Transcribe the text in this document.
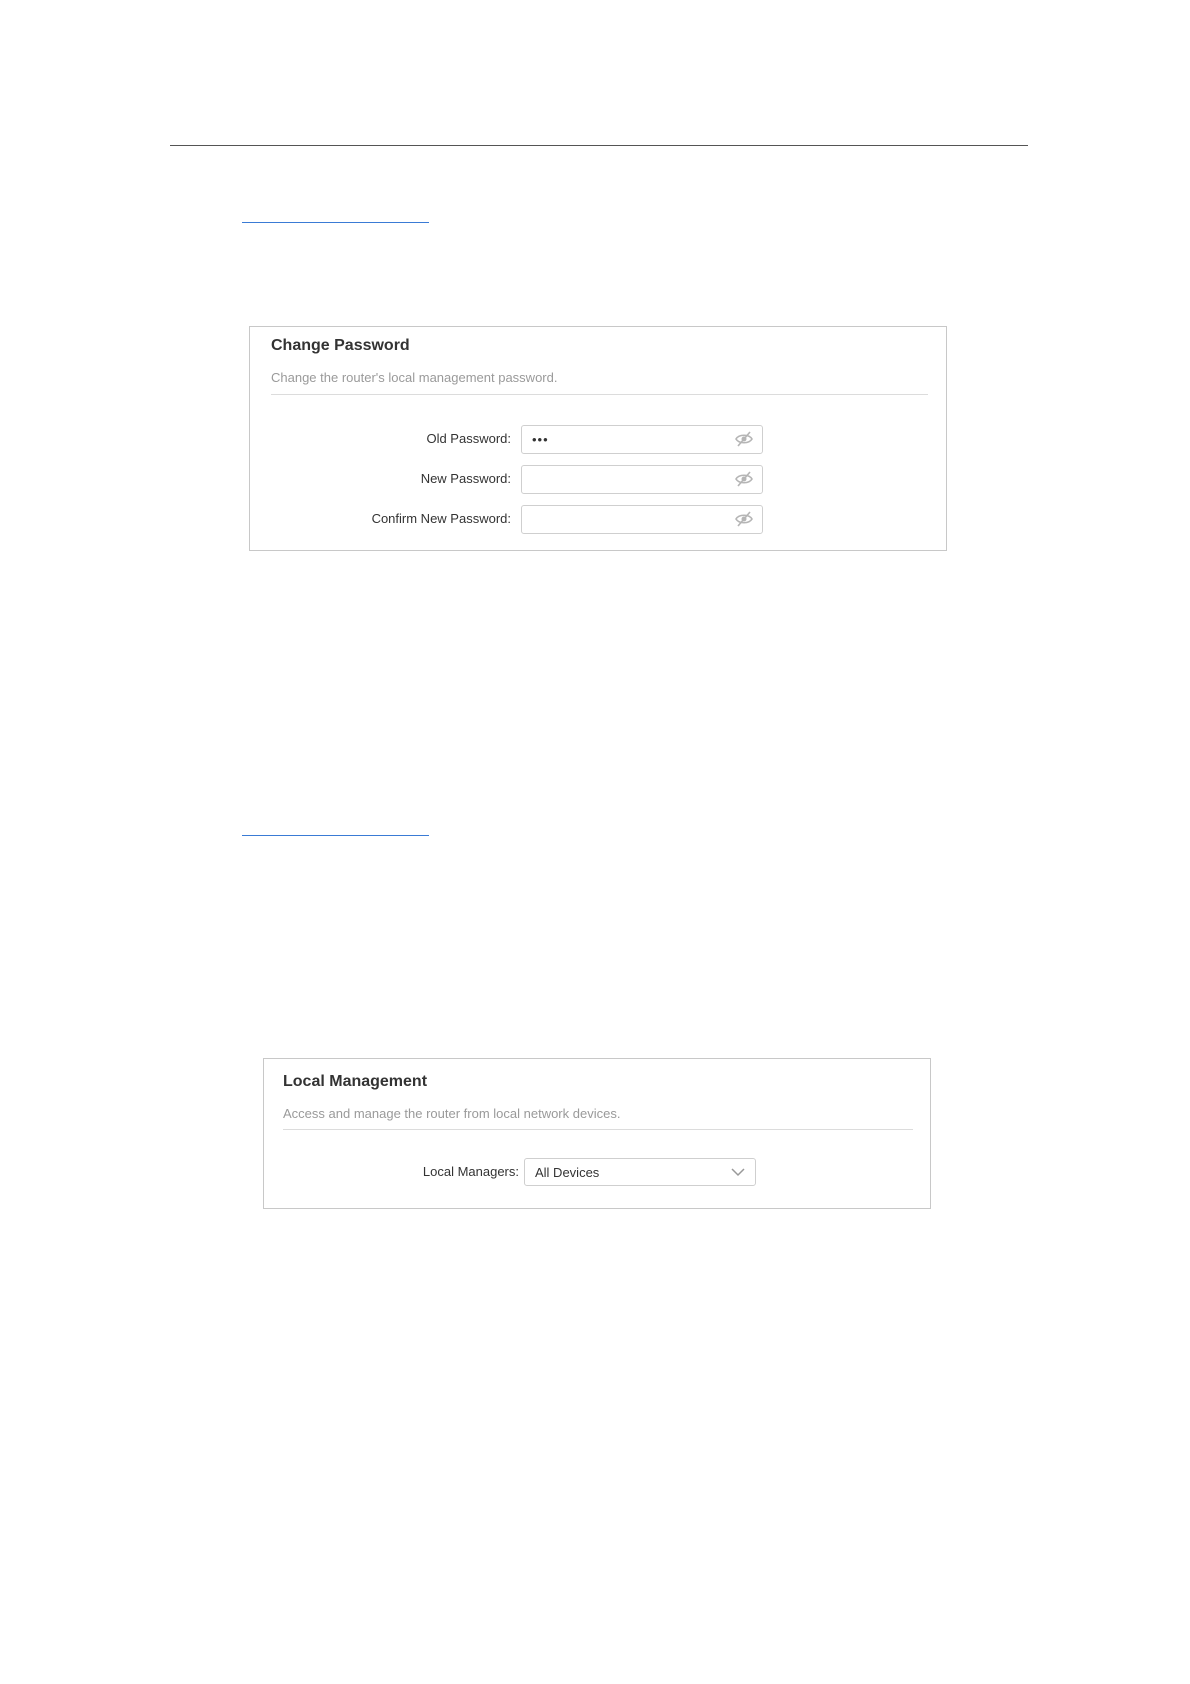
Change Password
Change the router's local management password.
Old Password: •••
New Password:
Confirm New Password:
Local Management
Access and manage the router from local network devices.
Local Managers: All Devices
